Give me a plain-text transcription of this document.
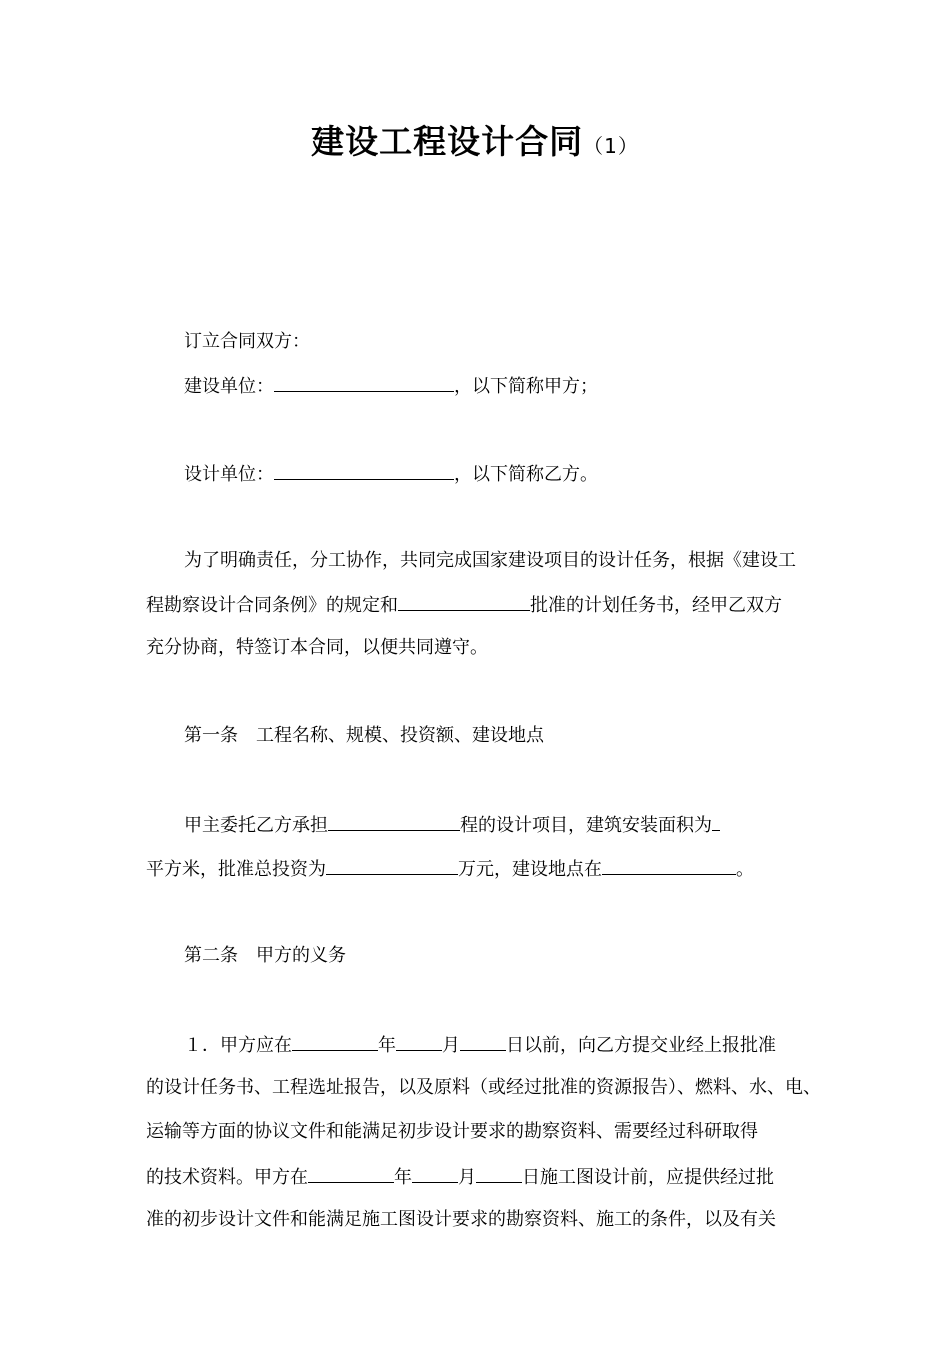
建设工程设计合同（1）
订立合同双方：
建设单位：	，以下简称甲方；
设计单位：	，以下简称乙方。
为了明确责任，分工协作，共同完成国家建设项目的设计任务，根据《建设工
程勘察设计合同条例》的规定和	批准的计划任务书，经甲乙双方
充分协商，特签订本合同，以便共同遵守。
第一条 工程名称、规模、投资额、建设地点
甲主委托乙方承担	程的设计项目，建筑安装面积为
平方米，批准总投资为	万元，建设地点在	。
第二条 甲方的义务
１．甲方应在	年	月	日以前，向乙方提交业经上报批准
的设计任务书、工程选址报告，以及原料（或经过批准的资源报告）、燃料、水、电、
运输等方面的协议文件和能满足初步设计要求的勘察资料、需要经过科研取得
的技术资料。甲方在	年	月	日施工图设计前，应提供经过批
准的初步设计文件和能满足施工图设计要求的勘察资料、施工的条件，以及有关
